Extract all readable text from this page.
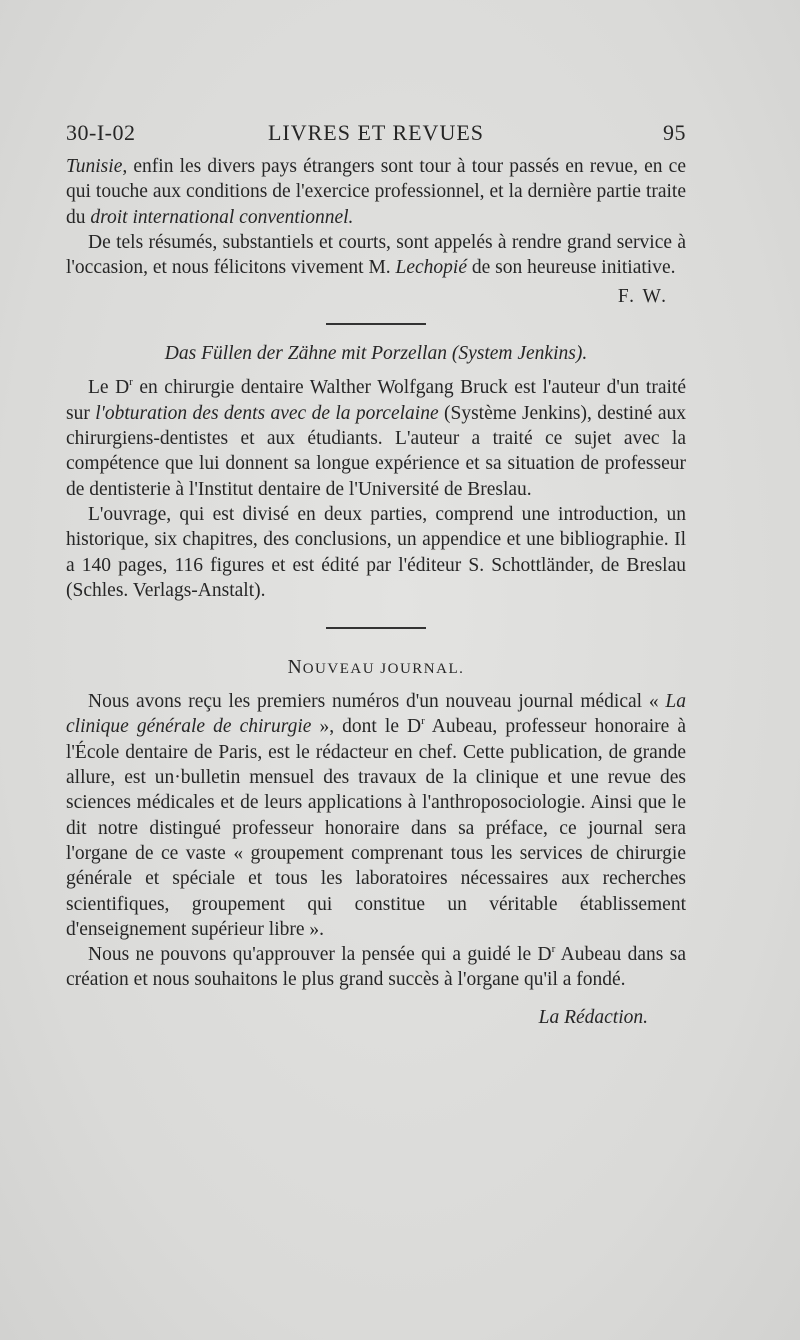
30-I-02	LIVRES ET REVUES	95

Tunisie, enfin les divers pays étrangers sont tour à tour passés en revue, en ce qui touche aux conditions de l'exercice professionnel, et la dernière partie traite du droit international conventionnel.

De tels résumés, substantiels et courts, sont appelés à rendre grand service à l'occasion, et nous félicitons vivement M. Lechopié de son heureuse initiative.

F. W.
Das Füllen der Zähne mit Porzellan (System Jenkins).

Le $D^r$ en chirurgie dentaire Walther Wolfgang Bruck est l'auteur d'un traité sur l'obturation des dents avec de la porcelaine (Système Jenkins), destiné aux chirurgiens-dentistes et aux étudiants. L'auteur a traité ce sujet avec la compétence que lui donnent sa longue expérience et sa situation de professeur de dentisterie à l'Institut dentaire de l'Université de Breslau.

L'ouvrage, qui est divisé en deux parties, comprend une introduction, un historique, six chapitres, des conclusions, un appendice et une bibliographie. Il a 140 pages, 116 figures et est édité par l'éditeur S. Schottländer, de Breslau (Schles. Verlags-Anstalt).

NOUVEAU JOURNAL.

Nous avons reçu les premiers numéros d'un nouveau journal médical « La clinique générale de chirurgie », dont le $D^r$ Aubeau, professeur honoraire à l'École dentaire de Paris, est le rédacteur en chef. Cette publication, de grande allure, est un·bulletin mensuel des travaux de la clinique et une revue des sciences médicales et de leurs applications à l'anthroposociologie. Ainsi que le dit notre distingué professeur honoraire dans sa préface, ce journal sera l'organe de ce vaste « groupement comprenant tous les services de chirurgie générale et spéciale et tous les laboratoires nécessaires aux recherches scientifiques, groupement qui constitue un véritable établissement d'enseignement supérieur libre ».

Nous ne pouvons qu'approuver la pensée qui a guidé le $D^r$ Aubeau dans sa création et nous souhaitons le plus grand succès à l'organe qu'il a fondé.

La Rédaction.
